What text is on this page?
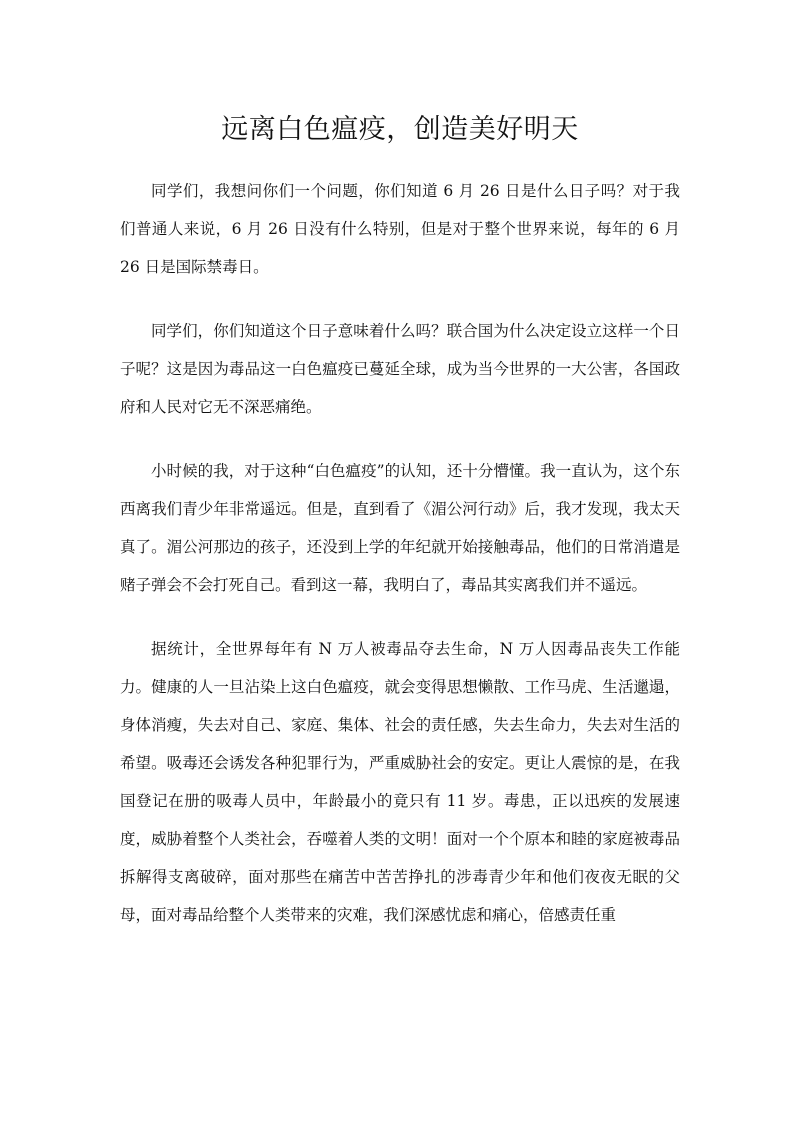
远离白色瘟疫，创造美好明天

同学们，我想问你们一个问题，你们知道 6 月 26 日是什么日子吗？对于我们普通人来说，6 月 26 日没有什么特别，但是对于整个世界来说，每年的 6 月 26 日是国际禁毒日。

同学们，你们知道这个日子意味着什么吗？联合国为什么决定设立这样一个日子呢？这是因为毒品这一白色瘟疫已蔓延全球，成为当今世界的一大公害，各国政府和人民对它无不深恶痛绝。

小时候的我，对于这种“白色瘟疫”的认知，还十分懵懂。我一直认为，这个东西离我们青少年非常遥远。但是，直到看了《湄公河行动》后，我才发现，我太天真了。湄公河那边的孩子，还没到上学的年纪就开始接触毒品，他们的日常消遣是赌子弹会不会打死自己。看到这一幕，我明白了，毒品其实离我们并不遥远。

据统计，全世界每年有 N 万人被毒品夺去生命，N 万人因毒品丧失工作能力。健康的人一旦沾染上这白色瘟疫，就会变得思想懒散、工作马虎、生活邋遢，身体消瘦，失去对自己、家庭、集体、社会的责任感，失去生命力，失去对生活的希望。吸毒还会诱发各种犯罪行为，严重威胁社会的安定。更让人震惊的是，在我国登记在册的吸毒人员中，年龄最小的竟只有 11 岁。毒患，正以迅疾的发展速度，威胁着整个人类社会，吞噬着人类的文明！面对一个个原本和睦的家庭被毒品拆解得支离破碎，面对那些在痛苦中苦苦挣扎的涉毒青少年和他们夜夜无眠的父母，面对毒品给整个人类带来的灾难，我们深感忧虑和痛心，倍感责任重
